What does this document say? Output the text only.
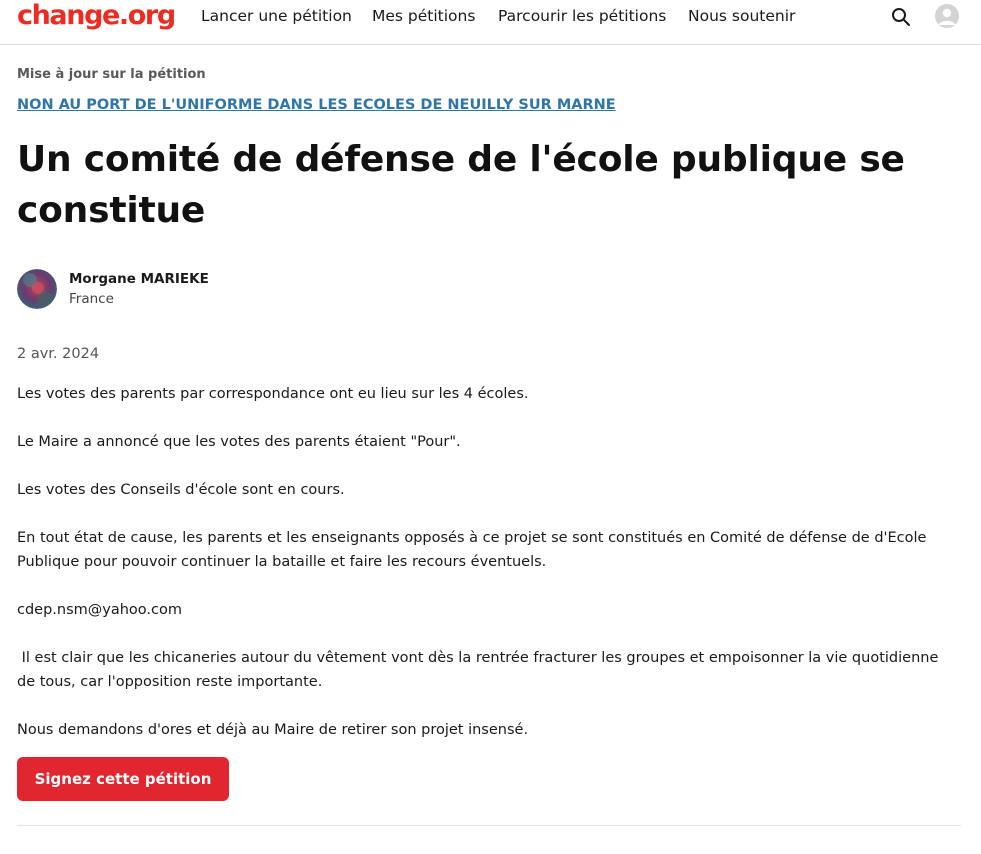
change.org Lancer une pétition Mes pétitions Parcourir les pétitions Nous soutenir
Mise à jour sur la pétition
NON AU PORT DE L'UNIFORME DANS LES ECOLES DE NEUILLY SUR MARNE
Un comité de défense de l'école publique se constitue
Morgane MARIEKE
France
2 avr. 2024

Les votes des parents par correspondance ont eu lieu sur les 4 écoles.

Le Maire a annoncé que les votes des parents étaient "Pour".

Les votes des Conseils d'école sont en cours.

En tout état de cause, les parents et les enseignants opposés à ce projet se sont constitués en Comité de défense de d'Ecole Publique pour pouvoir continuer la bataille et faire les recours éventuels.

cdep.nsm@yahoo.com

Il est clair que les chicaneries autour du vêtement vont dès la rentrée fracturer les groupes et empoisonner la vie quotidienne de tous, car l'opposition reste importante.

Nous demandons d'ores et déjà au Maire de retirer son projet insensé.

Signez cette pétition
